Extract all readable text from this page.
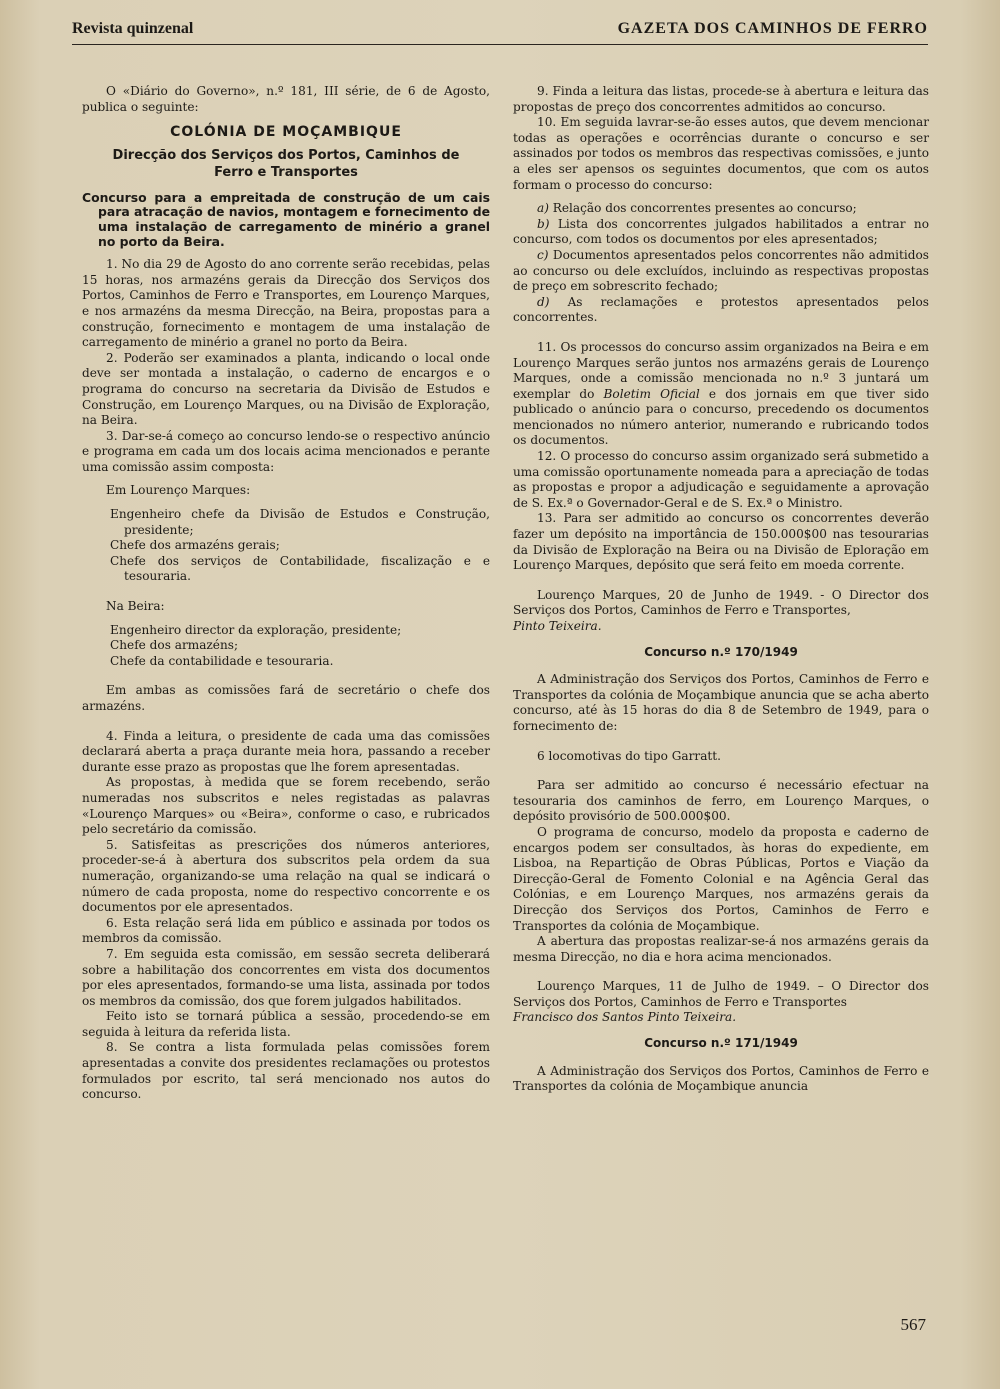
Revista quinzenal	GAZETA DOS CAMINHOS DE FERRO

O «Diário do Governo», n.º 181, III série, de 6 de Agosto, publica o seguinte:

COLÓNIA DE MOÇAMBIQUE
Direcção dos Serviços dos Portos, Caminhos de Ferro e Transportes
Concurso para a empreitada de construção de um cais para atracação de navios, montagem e fornecimento de uma instalação de carregamento de minério a granel no porto da Beira.

1. No dia 29 de Agosto do ano corrente serão recebidas, pelas 15 horas, nos armazéns gerais da Direcção dos Serviços dos Portos, Caminhos de Ferro e Transportes, em Lourenço Marques, e nos armazéns da mesma Direcção, na Beira, propostas para a construção, fornecimento e montagem de uma instalação de carregamento de minério a granel no porto da Beira.

2. Poderão ser examinados a planta, indicando o local onde deve ser montada a instalação, o caderno de encargos e o programa do concurso na secretaria da Divisão de Estudos e Construção, em Lourenço Marques, ou na Divisão de Exploração, na Beira.

3. Dar-se-á começo ao concurso lendo-se o respectivo anúncio e programa em cada um dos locais acima mencionados e perante uma comissão assim composta:

Em Lourenço Marques:

Engenheiro chefe da Divisão de Estudos e Construção, presidente;
Chefe dos armazéns gerais;
Chefe dos serviços de Contabilidade, fiscalização e e tesouraria.

Na Beira:

Engenheiro director da exploração, presidente;
Chefe dos armazéns;
Chefe da contabilidade e tesouraria.

Em ambas as comissões fará de secretário o chefe dos armazéns.

4. Finda a leitura, o presidente de cada uma das comissões declarará aberta a praça durante meia hora, passando a receber durante esse prazo as propostas que lhe forem apresentadas.

As propostas, à medida que se forem recebendo, serão numeradas nos subscritos e neles registadas as palavras «Lourenço Marques» ou «Beira», conforme o caso, e rubricados pelo secretário da comissão.

5. Satisfeitas as prescrições dos números anteriores, proceder-se-á à abertura dos subscritos pela ordem da sua numeração, organizando-se uma relação na qual se indicará o número de cada proposta, nome do respectivo concorrente e os documentos por ele apresentados.

6. Esta relação será lida em público e assinada por todos os membros da comissão.

7. Em seguida esta comissão, em sessão secreta deliberará sobre a habilitação dos concorrentes em vista dos documentos por eles apresentados, formando-se uma lista, assinada por todos os membros da comissão, dos que forem julgados habilitados.

Feito isto se tornará pública a sessão, procedendo-se em seguida à leitura da referida lista.

8. Se contra a lista formulada pelas comissões forem apresentadas a convite dos presidentes reclamações ou protestos formulados por escrito, tal será mencionado nos autos do concurso.

9. Finda a leitura das listas, procede-se à abertura e leitura das propostas de preço dos concorrentes admitidos ao concurso.

10. Em seguida lavrar-se-ão esses autos, que devem mencionar todas as operações e ocorrências durante o concurso e ser assinados por todos os membros das respectivas comissões, e junto a eles ser apensos os seguintes documentos, que com os autos formam o processo do concurso:

a) Relação dos concorrentes presentes ao concurso;

b) Lista dos concorrentes julgados habilitados a entrar no concurso, com todos os documentos por eles apresentados;

c) Documentos apresentados pelos concorrentes não admitidos ao concurso ou dele excluídos, incluindo as respectivas propostas de preço em sobrescrito fechado;

d) As reclamações e protestos apresentados pelos concorrentes.

11. Os processos do concurso assim organizados na Beira e em Lourenço Marques serão juntos nos armazéns gerais de Lourenço Marques, onde a comissão mencionada no n.º 3 juntará um exemplar do Boletim Oficial e dos jornais em que tiver sido publicado o anúncio para o concurso, precedendo os documentos mencionados no número anterior, numerando e rubricando todos os documentos.

12. O processo do concurso assim organizado será submetido a uma comissão oportunamente nomeada para a apreciação de todas as propostas e propor a adjudicação e seguidamente a aprovação de S. Ex.ª o Governador-Geral e de S. Ex.ª o Ministro.

13. Para ser admitido ao concurso os concorrentes deverão fazer um depósito na importância de 150.000$00 nas tesourarias da Divisão de Exploração na Beira ou na Divisão de Eploração em Lourenço Marques, depósito que será feito em moeda corrente.

Lourenço Marques, 20 de Junho de 1949. - O Director dos Serviços dos Portos, Caminhos de Ferro e Transportes,
Pinto Teixeira.

Concurso n.º 170/1949

A Administração dos Serviços dos Portos, Caminhos de Ferro e Transportes da colónia de Moçambique anuncia que se acha aberto concurso, até às 15 horas do dia 8 de Setembro de 1949, para o fornecimento de:

6 locomotivas do tipo Garratt.

Para ser admitido ao concurso é necessário efectuar na tesouraria dos caminhos de ferro, em Lourenço Marques, o depósito provisório de 500.000$00.

O programa de concurso, modelo da proposta e caderno de encargos podem ser consultados, às horas do expediente, em Lisboa, na Repartição de Obras Públicas, Portos e Viação da Direcção-Geral de Fomento Colonial e na Agência Geral das Colónias, e em Lourenço Marques, nos armazéns gerais da Direcção dos Serviços dos Portos, Caminhos de Ferro e Transportes da colónia de Moçambique.

A abertura das propostas realizar-se-á nos armazéns gerais da mesma Direcção, no dia e hora acima mencionados.

Lourenço Marques, 11 de Julho de 1949. – O Director dos Serviços dos Portos, Caminhos de Ferro e Transportes
Francisco dos Santos Pinto Teixeira.

Concurso n.º 171/1949

A Administração dos Serviços dos Portos, Caminhos de Ferro e Transportes da colónia de Moçambique anuncia

567
